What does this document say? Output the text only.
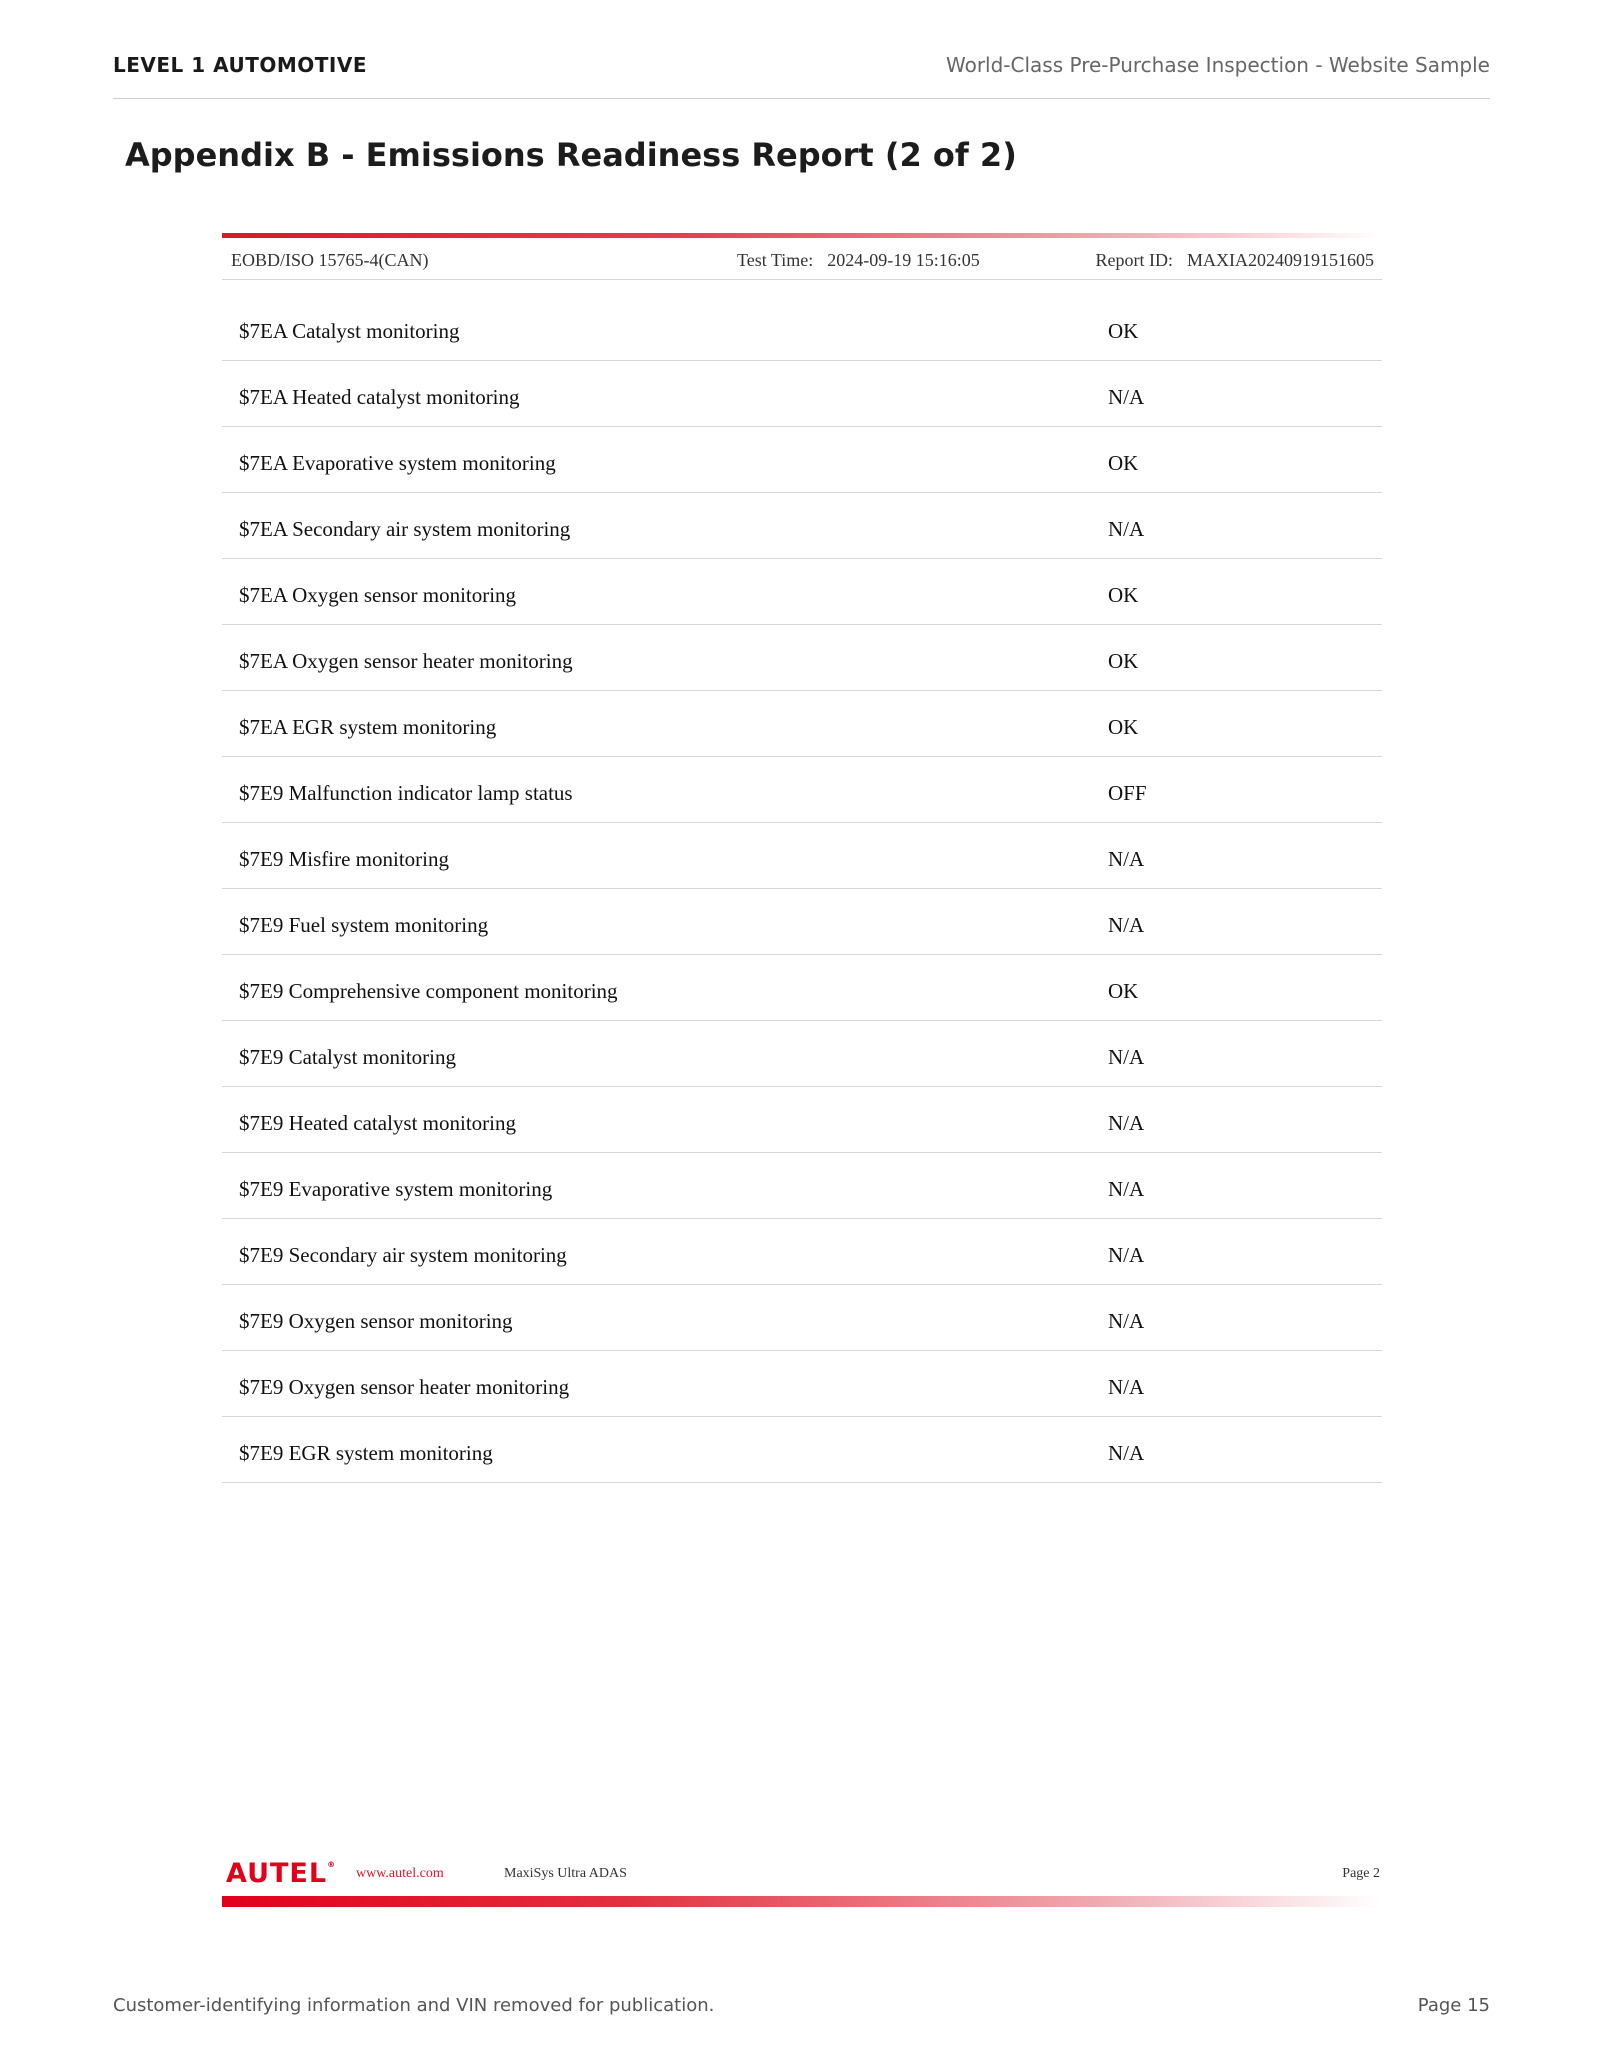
LEVEL 1 AUTOMOTIVE	World-Class Pre-Purchase Inspection - Website Sample
Appendix B - Emissions Readiness Report (2 of 2)
EOBD/ISO 15765-4(CAN)	Test Time: 2024-09-19 15:16:05	Report ID: MAXIA20240919151605
$7EA Catalyst monitoring	OK
$7EA Heated catalyst monitoring	N/A
$7EA Evaporative system monitoring	OK
$7EA Secondary air system monitoring	N/A
$7EA Oxygen sensor monitoring	OK
$7EA Oxygen sensor heater monitoring	OK
$7EA EGR system monitoring	OK
$7E9 Malfunction indicator lamp status	OFF
$7E9 Misfire monitoring	N/A
$7E9 Fuel system monitoring	N/A
$7E9 Comprehensive component monitoring	OK
$7E9 Catalyst monitoring	N/A
$7E9 Heated catalyst monitoring	N/A
$7E9 Evaporative system monitoring	N/A
$7E9 Secondary air system monitoring	N/A
$7E9 Oxygen sensor monitoring	N/A
$7E9 Oxygen sensor heater monitoring	N/A
$7E9 EGR system monitoring	N/A
AUTEL®
www.autel.com	MaxiSys Ultra ADAS	Page 2
Customer-identifying information and VIN removed for publication.	Page 15
